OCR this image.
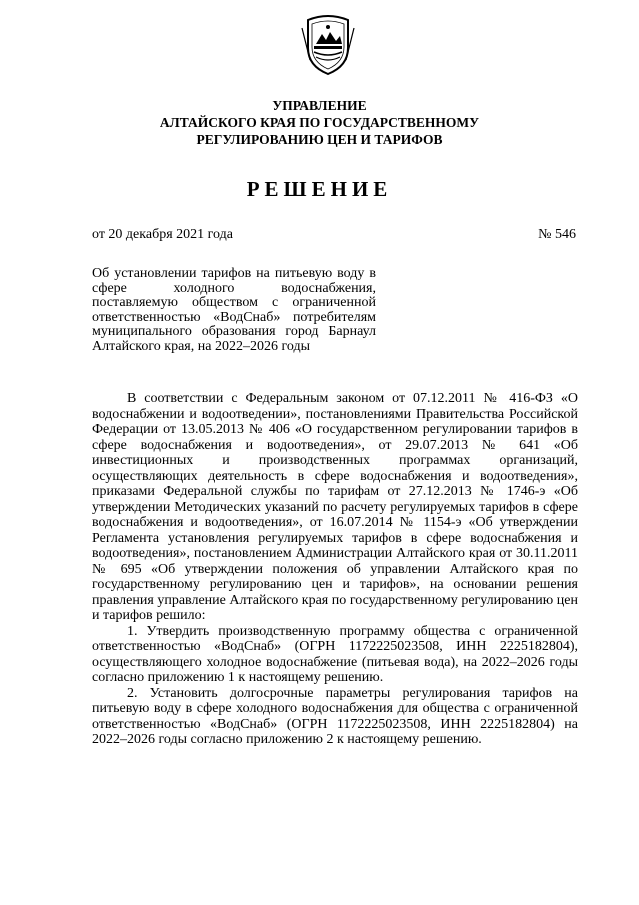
УПРАВЛЕНИЕ
АЛТАЙСКОГО КРАЯ ПО ГОСУДАРСТВЕННОМУ
РЕГУЛИРОВАНИЮ ЦЕН И ТАРИФОВ
РЕШЕНИЕ
от 20 декабря 2021 года	№ 546
Об установлении тарифов на питьевую воду в сфере холодного водоснабжения, поставляемую обществом с ограниченной ответственностью «ВодСнаб» потребителям муниципального образования город Барнаул Алтайского края, на 2022–2026 годы

В соответствии с Федеральным законом от 07.12.2011 № 416-ФЗ «О водоснабжении и водоотведении», постановлениями Правительства Российской Федерации от 13.05.2013 № 406 «О государственном регулировании тарифов в сфере водоснабжения и водоотведения», от 29.07.2013 № 641 «Об инвестиционных и производственных программах организаций, осуществляющих деятельность в сфере водоснабжения и водоотведения», приказами Федеральной службы по тарифам от 27.12.2013 № 1746-э «Об утверждении Методических указаний по расчету регулируемых тарифов в сфере водоснабжения и водоотведения», от 16.07.2014 № 1154-э «Об утверждении Регламента установления регулируемых тарифов в сфере водоснабжения и водоотведения», постановлением Администрации Алтайского края от 30.11.2011 № 695 «Об утверждении положения об управлении Алтайского края по государственному регулированию цен и тарифов», на основании решения правления управление Алтайского края по государственному регулированию цен и тарифов решило:

1. Утвердить производственную программу общества с ограниченной ответственностью «ВодСнаб» (ОГРН 1172225023508, ИНН 2225182804), осуществляющего холодное водоснабжение (питьевая вода), на 2022–2026 годы согласно приложению 1 к настоящему решению.

2. Установить долгосрочные параметры регулирования тарифов на питьевую воду в сфере холодного водоснабжения для общества с ограниченной ответственностью «ВодСнаб» (ОГРН 1172225023508, ИНН 2225182804) на 2022–2026 годы согласно приложению 2 к настоящему решению.
